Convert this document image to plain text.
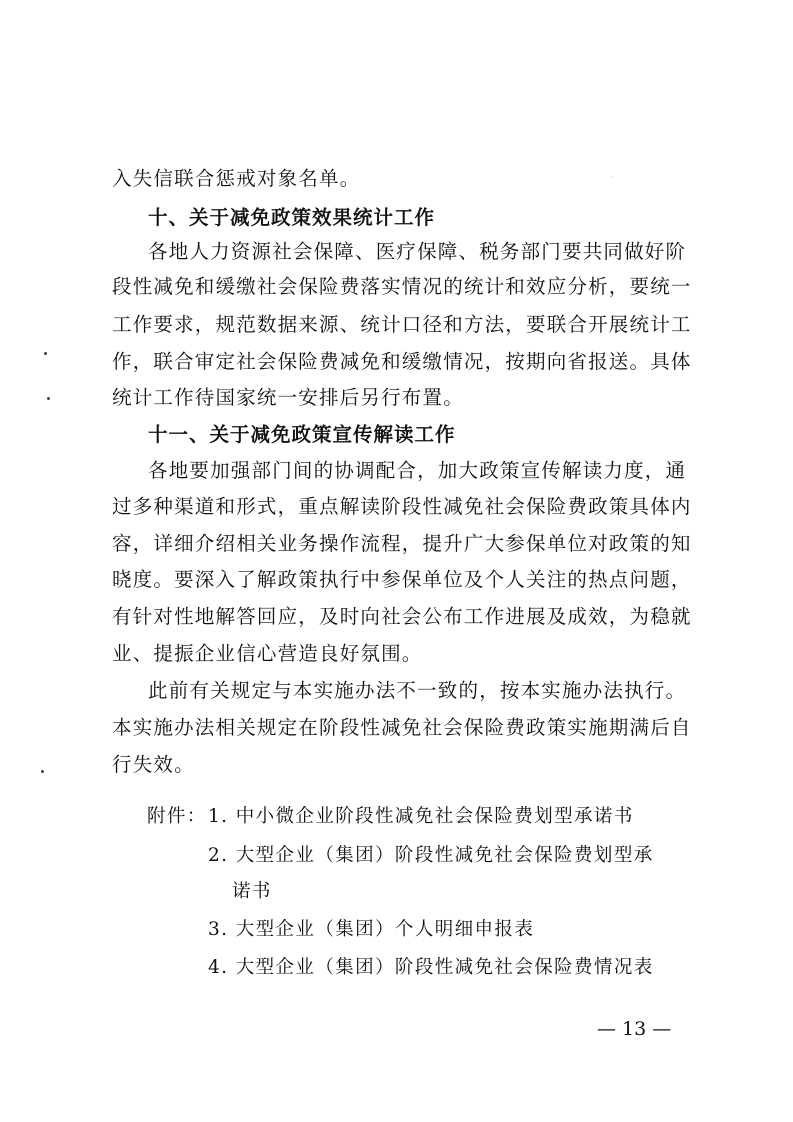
·
入失信联合惩戒对象名单。
十、关于减免政策效果统计工作
各地人力资源社会保障、医疗保障、税务部门要共同做好阶
段性减免和缓缴社会保险费落实情况的统计和效应分析，要统一
工作要求，规范数据来源、统计口径和方法，要联合开展统计工
作，联合审定社会保险费减免和缓缴情况，按期向省报送。具体
统计工作待国家统一安排后另行布置。
十一、关于减免政策宣传解读工作
各地要加强部门间的协调配合，加大政策宣传解读力度，通
过多种渠道和形式，重点解读阶段性减免社会保险费政策具体内
容，详细介绍相关业务操作流程，提升广大参保单位对政策的知
晓度。要深入了解政策执行中参保单位及个人关注的热点问题，
有针对性地解答回应，及时向社会公布工作进展及成效，为稳就
业、提振企业信心营造良好氛围。
此前有关规定与本实施办法不一致的，按本实施办法执行。
本实施办法相关规定在阶段性减免社会保险费政策实施期满后自
行失效。
附件： 1. 中小微企业阶段性减免社会保险费划型承诺书
2. 大型企业（集团）阶段性减免社会保险费划型承
诺书
3. 大型企业（集团）个人明细申报表
4. 大型企业（集团）阶段性减免社会保险费情况表
— 13 —
